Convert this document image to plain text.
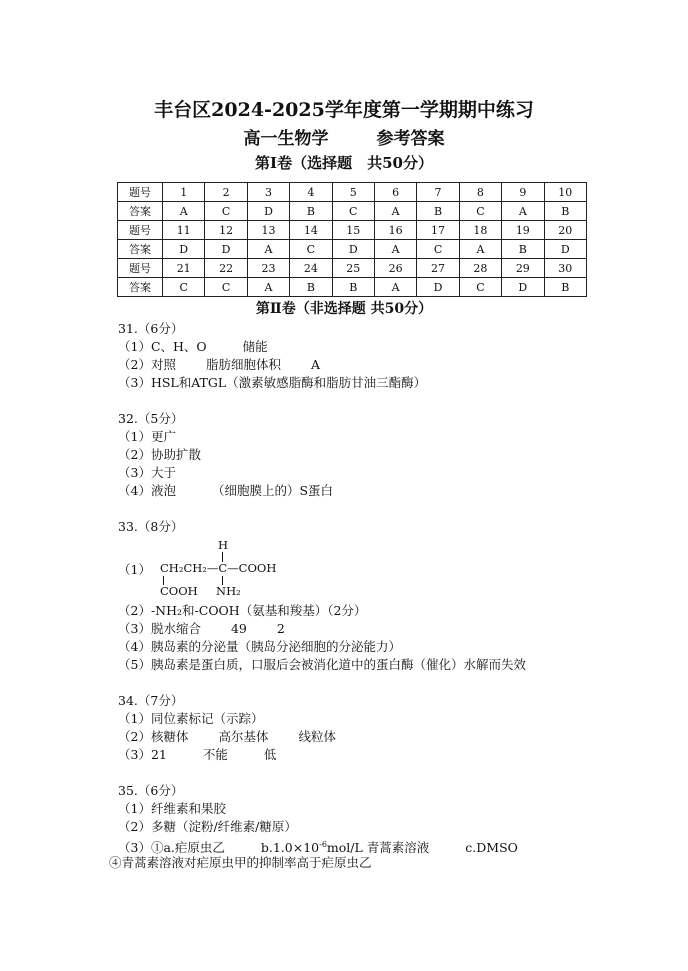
丰台区2024-2025学年度第一学期期中练习
高一生物学	参考答案
第Ⅰ卷（选择题　共50分）
题号	1	2	3	4	5	6	7	8	9	10
答案	A	C	D	B	C	A	B	C	A	B
题号	11	12	13	14	15	16	17	18	19	20
答案	D	D	A	C	D	A	C	A	B	D
题号	21	22	23	24	25	26	27	28	29	30
答案	C	C	A	B	B	A	D	C	D	B
第Ⅱ卷（非选择题 共50分）
31.（6分）
（1）C、H、O	储能
（2）对照 脂肪细胞体积 A
（3）HSL和ATGL（激素敏感脂酶和脂肪甘油三酯酶）
32.（5分）
（1）更广
（2）协助扩散
（3）大于
（4）液泡	（细胞膜上的）S蛋白
33.（8分）
（1）
H
CH₂CH₂—C—COOH
COOH NH₂
（2）-NH₂和-COOH（氨基和羧基）（2分）
（3）脱水缩合 49 2
（4）胰岛素的分泌量（胰岛分泌细胞的分泌能力）
（5）胰岛素是蛋白质，口服后会被消化道中的蛋白酶（催化）水解而失效
34.（7分）
（1）同位素标记（示踪）
（2）核糖体 高尔基体 线粒体
（3）21	不能	低
35.（6分）
（1）纤维素和果胶
（2）多糖（淀粉/纤维素/糖原）
（3）①a.疟原虫乙	$b.1.0\times 10^{-6}mol/L$ 青蒿素溶液	c.DMSO
④青蒿素溶液对疟原虫甲的抑制率高于疟原虫乙
